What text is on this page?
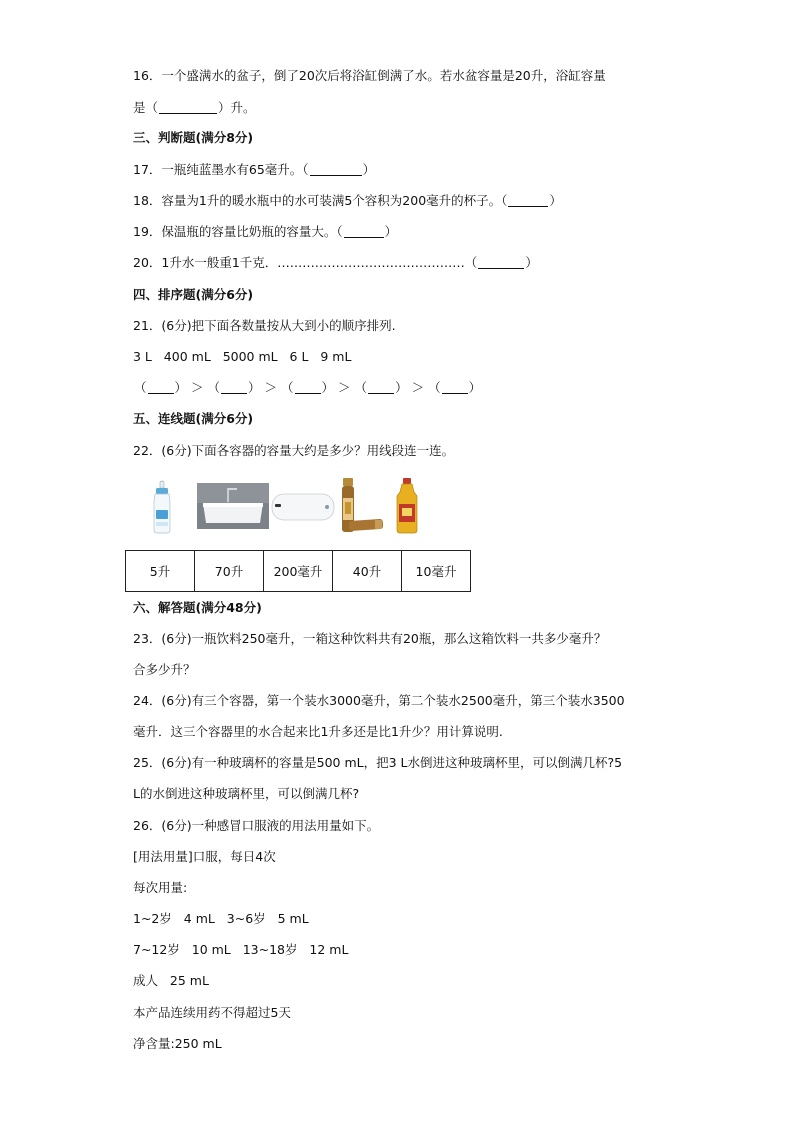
16．一个盛满水的盆子，倒了20次后将浴缸倒满了水。若水盆容量是20升，浴缸容量
是（	）升。
三、判断题(满分8分)
17．一瓶纯蓝墨水有65毫升。（	）
18．容量为1升的暖水瓶中的水可装满5个容积为200毫升的杯子。（	）
19．保温瓶的容量比奶瓶的容量大。（	）
20．1升水一般重1千克．………………………………………（	）
四、排序题(满分6分)
21．(6分)把下面各数量按从大到小的顺序排列.
3 L   400 mL   5000 mL   6 L   9 mL
（ ） ＞ （ ） ＞ （ ） ＞ （ ） ＞ （ ）
五、连线题(满分6分)
22．(6分)下面各容器的容量大约是多少？用线段连一连。
5升	70升	200毫升	40升	10毫升
六、解答题(满分48分)
23．(6分)一瓶饮料250毫升，一箱这种饮料共有20瓶，那么这箱饮料一共多少毫升？
合多少升？
24．(6分)有三个容器，第一个装水3000毫升，第二个装水2500毫升，第三个装水3500
毫升．这三个容器里的水合起来比1升多还是比1升少？用计算说明.
25．(6分)有一种玻璃杯的容量是500 mL，把3 L水倒进这种玻璃杯里，可以倒满几杯?5
L的水倒进这种玻璃杯里，可以倒满几杯?
26．(6分)一种感冒口服液的用法用量如下。
[用法用量]口服，每日4次
每次用量:
1~2岁   4 mL   3~6岁   5 mL
7~12岁   10 mL   13~18岁   12 mL
成人   25 mL
本产品连续用药不得超过5天
净含量:250 mL
